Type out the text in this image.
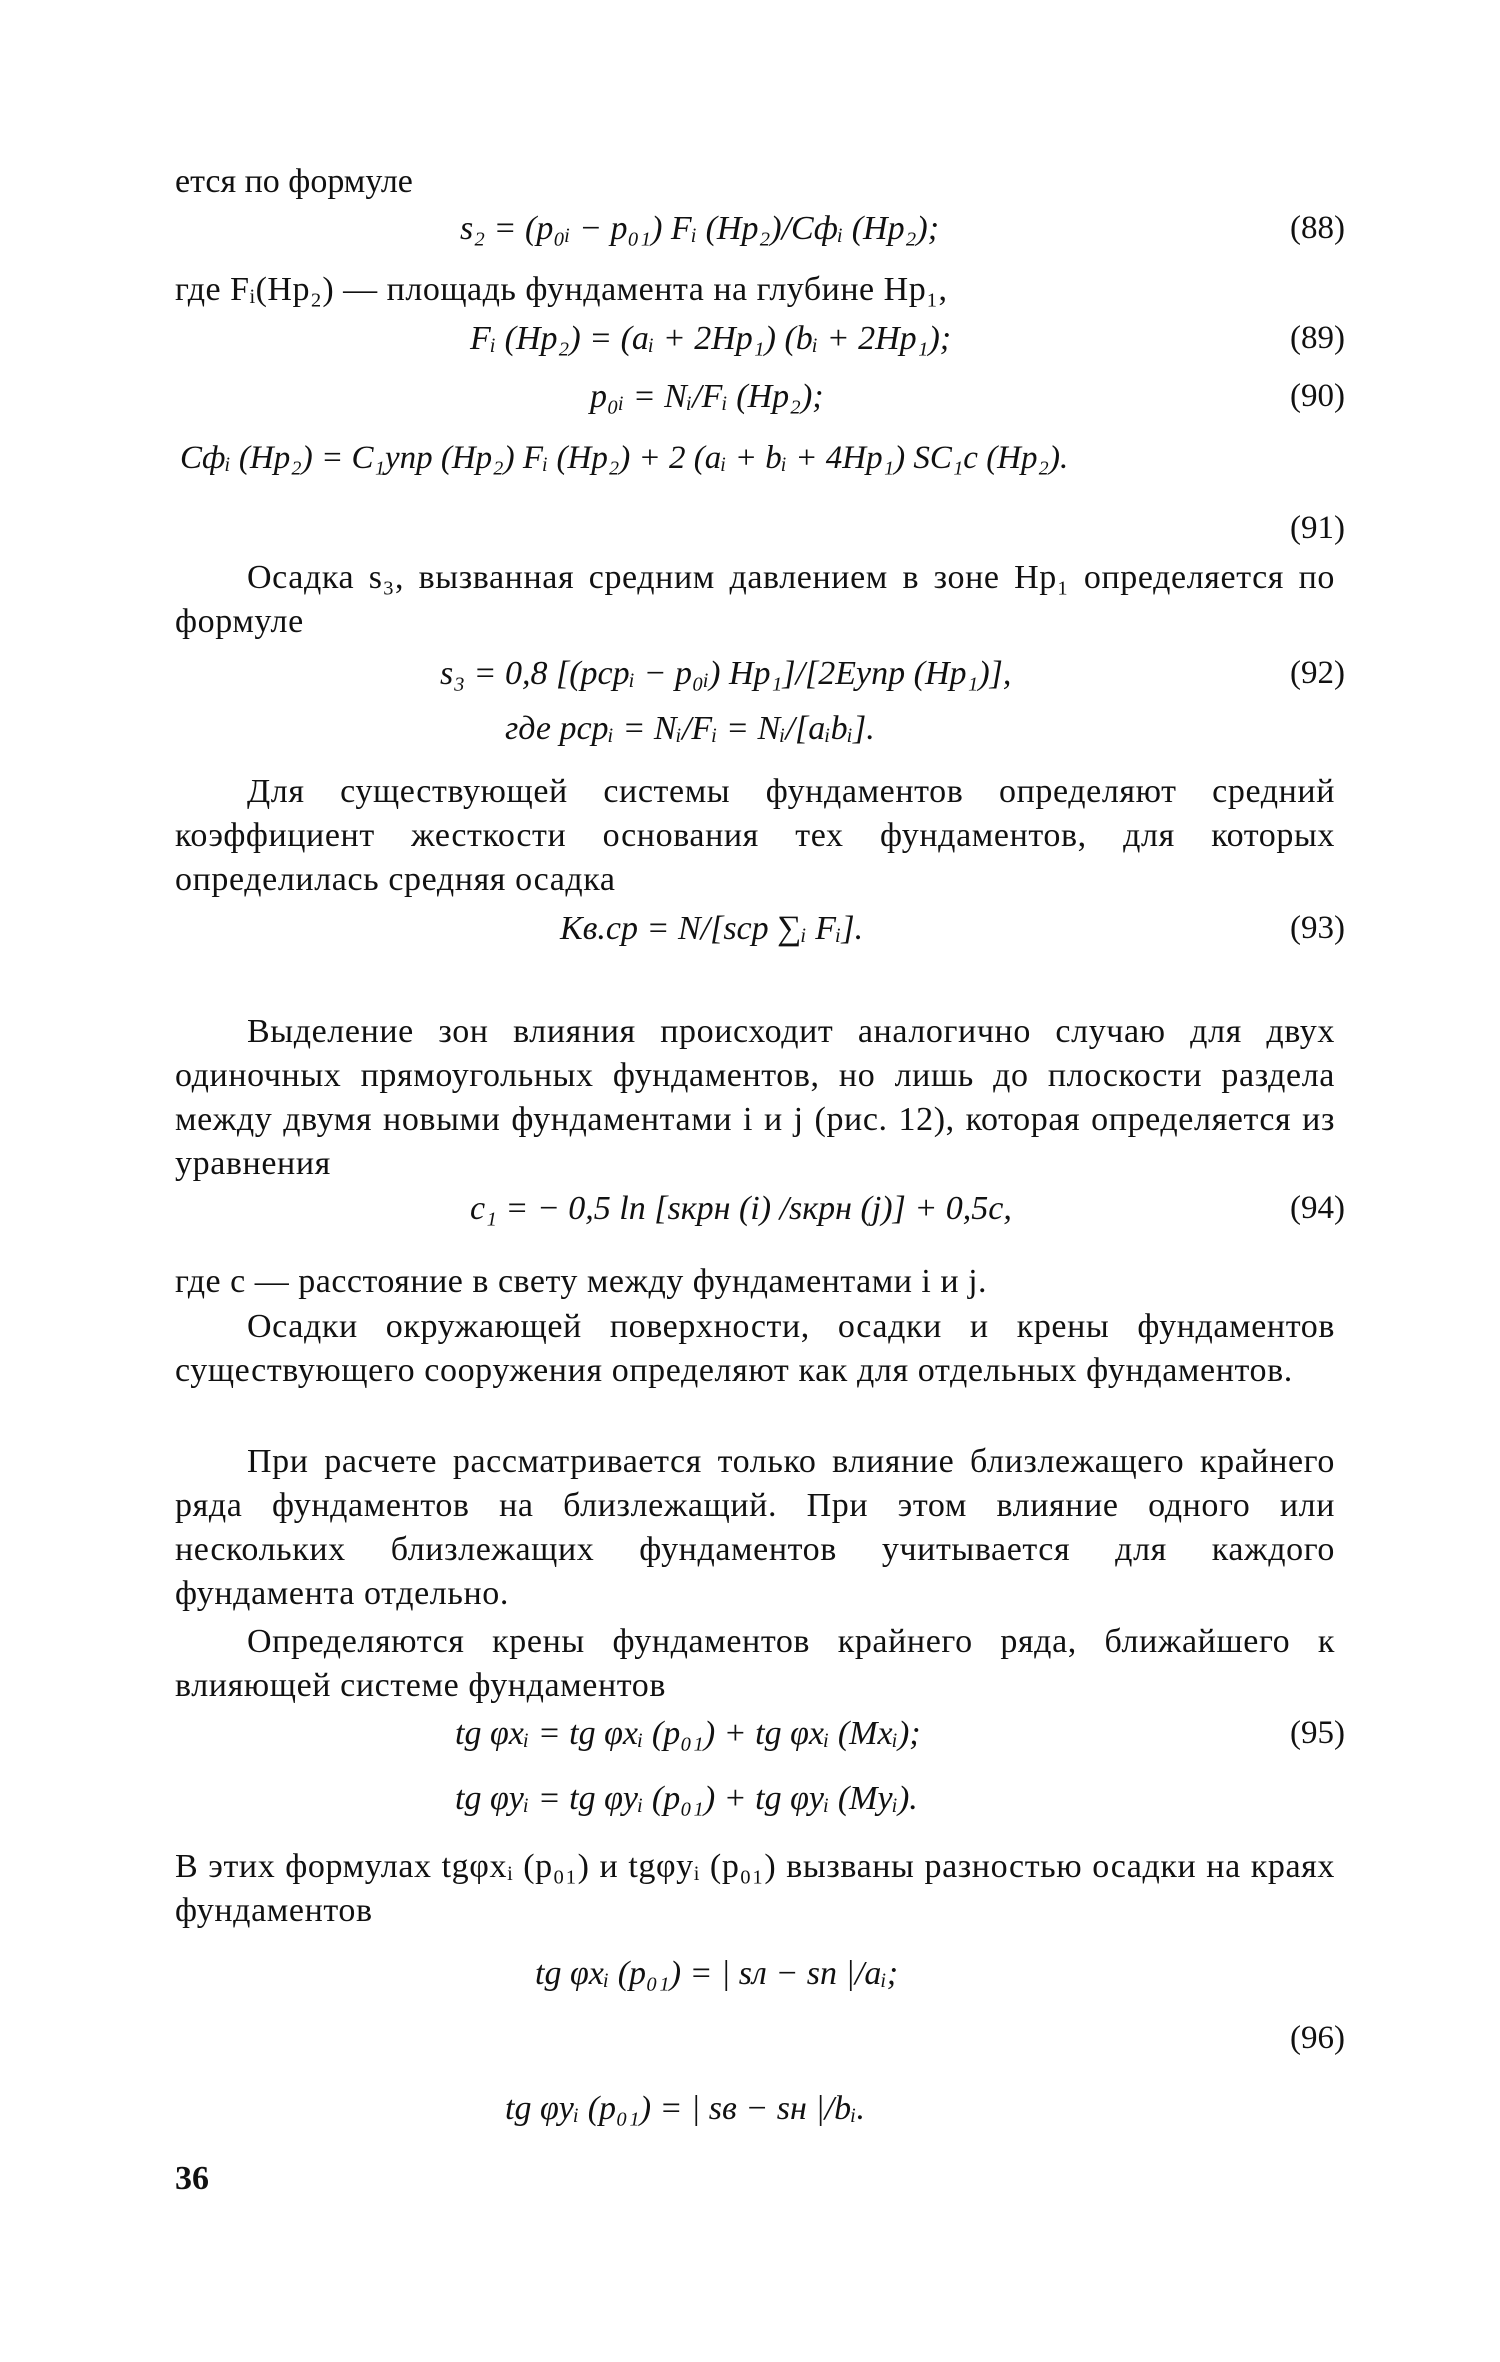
ется по формуле
s₂ = (p₀ᵢ − p₀₁) Fᵢ (Hр₂)/Cфᵢ (Hр₂);	(88)
где Fᵢ(Hр₂) — площадь фундамента на глубине Hр₁,
Fᵢ (Hр₂) = (aᵢ + 2Hр₁) (bᵢ + 2Hр₁);	(89)
p₀ᵢ = Nᵢ/Fᵢ (Hр₂);	(90)
Cфᵢ (Hр₂) = C₁упр (Hр₂) Fᵢ (Hр₂) + 2 (aᵢ + bᵢ + 4Hр₁) SC₁с (Hр₂).
(91)
Осадка s₃, вызванная средним давлением в зоне Hр₁ определяется по формуле
s₃ = 0,8 [(pсрᵢ − p₀ᵢ) Hр₁]/[2Eупр (Hр₁)],	(92)
где pсрᵢ = Nᵢ/Fᵢ = Nᵢ/[aᵢbᵢ].
Для существующей системы фундаментов определяют средний коэффициент жесткости основания тех фундаментов, для которых определилась средняя осадка
Kв.ср = N/[sср ∑ᵢ Fᵢ].	(93)
Выделение зон влияния происходит аналогично случаю для двух одиночных прямоугольных фундаментов, но лишь до плоскости раздела между двумя новыми фундаментами i и j (рис. 12), которая определяется из уравнения
c₁ = − 0,5 ln [sкрн (i) /sкрн (j)] + 0,5c,	(94)
где c — расстояние в свету между фундаментами i и j.
Осадки окружающей поверхности, осадки и крены фундаментов существующего сооружения определяют как для отдельных фундаментов.
При расчете рассматривается только влияние близлежащего крайнего ряда фундаментов на близлежащий. При этом влияние одного или нескольких близлежащих фундаментов учитывается для каждого фундамента отдельно.
Определяются крены фундаментов крайнего ряда, ближайшего к влияющей системе фундаментов
tg φxᵢ = tg φxᵢ (p₀₁) + tg φxᵢ (Mxᵢ);	(95)
tg φyᵢ = tg φyᵢ (p₀₁) + tg φyᵢ (Myᵢ).
В этих формулах tgφxᵢ (p₀₁) и tgφyᵢ (p₀₁) вызваны разностью осадки на краях фундаментов
tg φxᵢ (p₀₁) = | sл − sп |/aᵢ;
(96)
tg φyᵢ (p₀₁) = | sв − sн |/bᵢ.
36
